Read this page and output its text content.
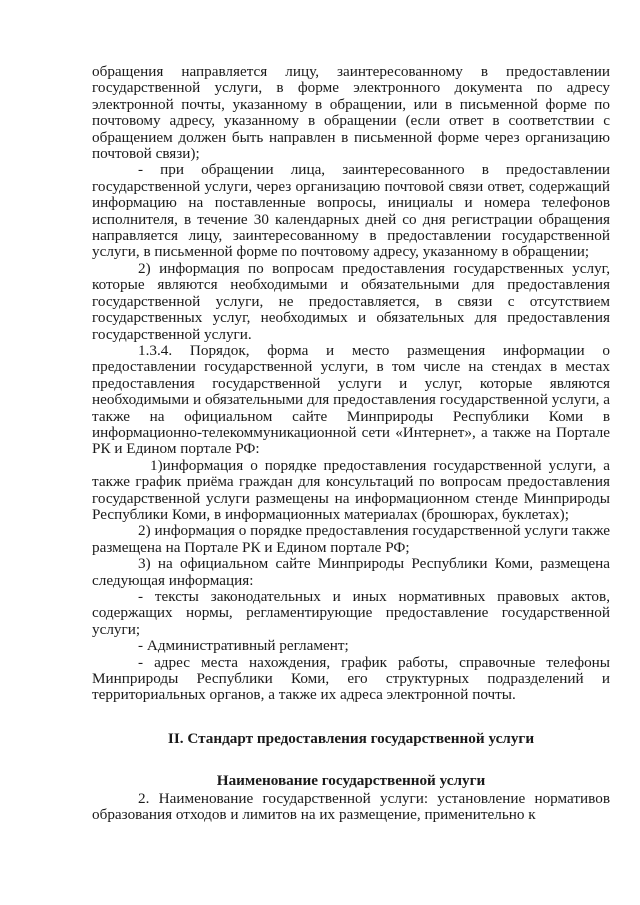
обращения направляется лицу, заинтересованному в предоставлении государственной услуги, в форме электронного документа по адресу электронной почты, указанному в обращении, или в письменной форме по почтовому адресу, указанному в обращении (если ответ в соответствии с обращением должен быть направлен в письменной форме через организацию почтовой связи);

- при обращении лица, заинтересованного в предоставлении государственной услуги, через организацию почтовой связи ответ, содержащий информацию на поставленные вопросы, инициалы и номера телефонов исполнителя, в течение 30 календарных дней со дня регистрации обращения направляется лицу, заинтересованному в предоставлении государственной услуги, в письменной форме по почтовому адресу, указанному в обращении;

2) информация по вопросам предоставления государственных услуг, которые являются необходимыми и обязательными для предоставления государственной услуги, не предоставляется, в связи с отсутствием государственных услуг, необходимых и обязательных для предоставления государственной услуги.

1.3.4. Порядок, форма и место размещения информации о предоставлении государственной услуги, в том числе на стендах в местах предоставления государственной услуги и услуг, которые являются необходимыми и обязательными для предоставления государственной услуги, а также на официальном сайте Минприроды Республики Коми в информационно-телекоммуникационной сети «Интернет», а также на Портале РК и Едином портале РФ:

1)информация о порядке предоставления государственной услуги, а также график приёма граждан для консультаций по вопросам предоставления государственной услуги размещены на информационном стенде Минприроды Республики Коми, в информационных материалах (брошюрах, буклетах);

2) информация о порядке предоставления государственной услуги также размещена на Портале РК и Едином портале РФ;

3) на официальном сайте Минприроды Республики Коми, размещена следующая информация:

- тексты законодательных и иных нормативных правовых актов, содержащих нормы, регламентирующие предоставление государственной услуги;

- Административный регламент;

- адрес места нахождения, график работы, справочные телефоны Минприроды Республики Коми, его структурных подразделений и территориальных органов, а также их адреса электронной почты.

II. Стандарт предоставления государственной услуги

Наименование государственной услуги

2. Наименование государственной услуги: установление нормативов образования отходов и лимитов на их размещение, применительно к
